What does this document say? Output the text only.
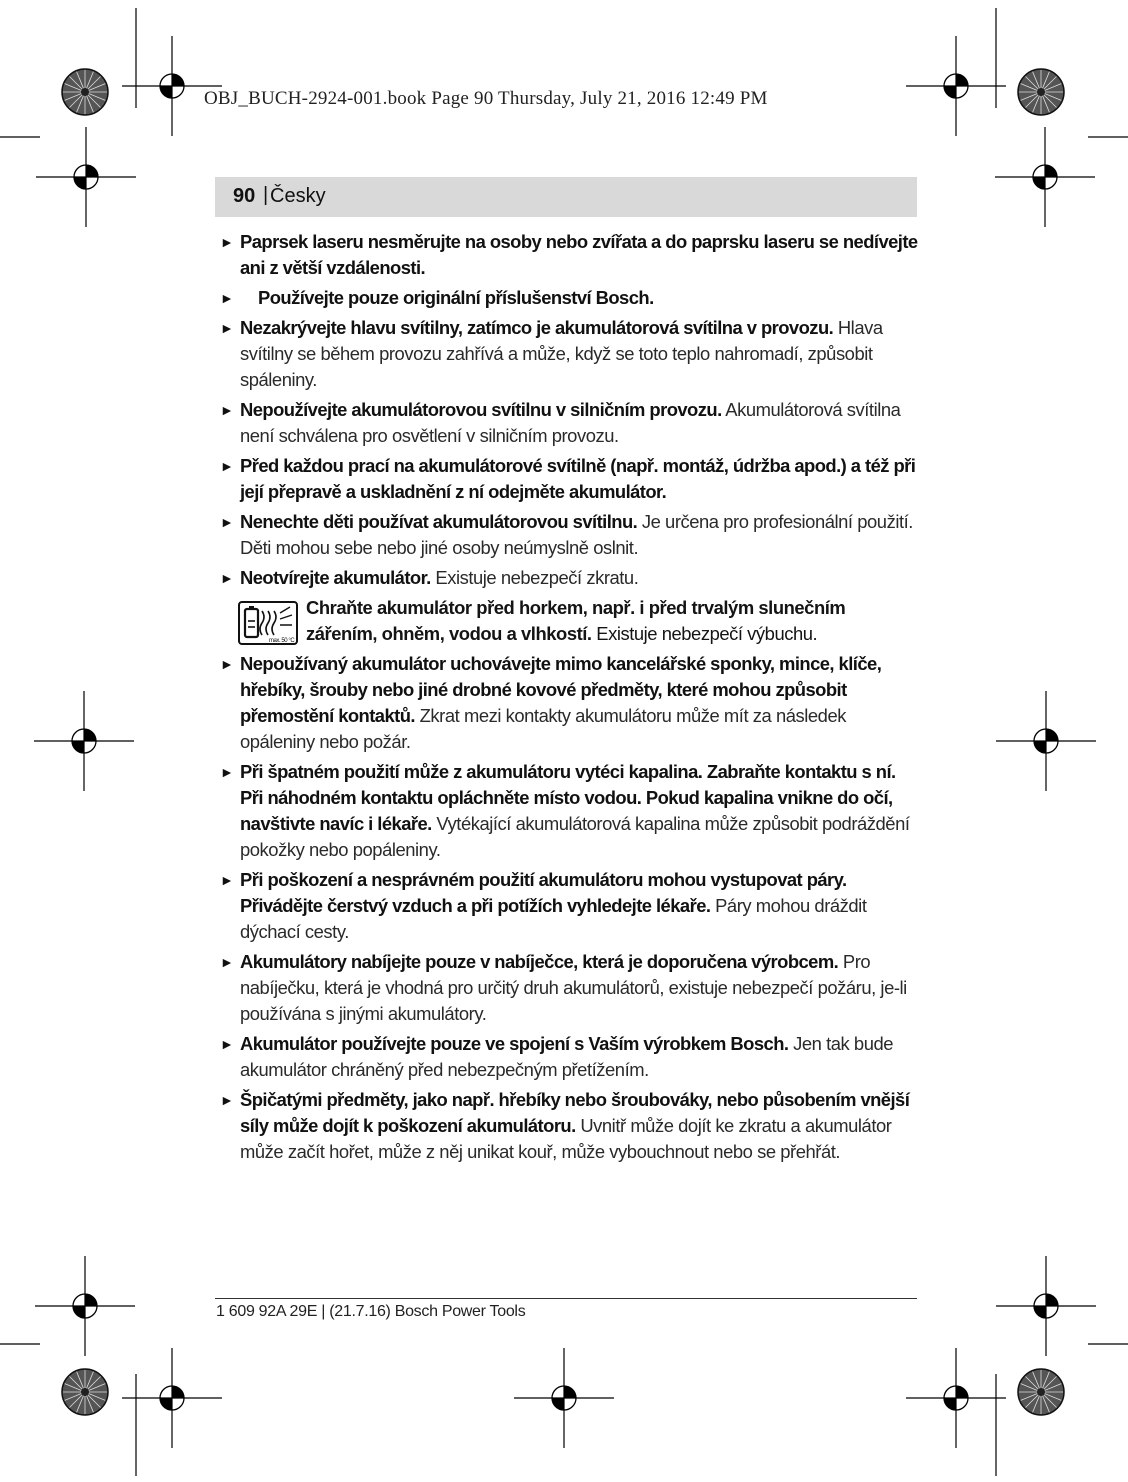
OBJ_BUCH-2924-001.book Page 90 Thursday, July 21, 2016 12:49 PM
90 | Česky
► Paprsek laseru nesměrujte na osoby nebo zvířata a do paprsku laseru se nedívejte ani z větší vzdálenosti.
► Používejte pouze originální příslušenství Bosch.
► Nezakrývejte hlavu svítilny, zatímco je akumulátorová svítilna v provozu. Hlava svítilny se během provozu zahřívá a může, když se toto teplo nahromadí, způsobit spáleniny.
► Nepoužívejte akumulátorovou svítilnu v silničním provozu. Akumulátorová svítilna není schválena pro osvětlení v silničním provozu.
► Před každou prací na akumulátorové svítilně (např. montáž, údržba apod.) a též při její přepravě a uskladnění z ní odejměte akumulátor.
► Nenechte děti používat akumulátorovou svítilnu. Je určena pro profesionální použití. Děti mohou sebe nebo jiné osoby neúmyslně oslnit.
► Neotvírejte akumulátor. Existuje nebezpečí zkratu.
max. 50 °C
Chraňte akumulátor před horkem, např. i před trvalým slunečním zářením, ohněm, vodou a vlhkostí. Existuje nebezpečí výbuchu.
► Nepoužívaný akumulátor uchovávejte mimo kancelářské sponky, mince, klíče, hřebíky, šrouby nebo jiné drobné kovové předměty, které mohou způsobit přemostění kontaktů. Zkrat mezi kontakty akumulátoru může mít za následek opáleniny nebo požár.
► Při špatném použití může z akumulátoru vytéci kapalina. Zabraňte kontaktu s ní. Při náhodném kontaktu opláchněte místo vodou. Pokud kapalina vnikne do očí, navštivte navíc i lékaře. Vytékající akumulátorová kapalina může způsobit podráždění pokožky nebo popáleniny.
► Při poškození a nesprávném použití akumulátoru mohou vystupovat páry. Přivádějte čerstvý vzduch a při potížích vyhledejte lékaře. Páry mohou dráždit dýchací cesty.
► Akumulátory nabíjejte pouze v nabíječce, která je doporučena výrobcem. Pro nabíječku, která je vhodná pro určitý druh akumulátorů, existuje nebezpečí požáru, je-li používána s jinými akumulátory.
► Akumulátor používejte pouze ve spojení s Vaším výrobkem Bosch. Jen tak bude akumulátor chráněný před nebezpečným přetížením.
► Špičatými předměty, jako např. hřebíky nebo šroubováky, nebo působením vnější síly může dojít k poškození akumulátoru. Uvnitř může dojít ke zkratu a akumulátor může začít hořet, může z něj unikat kouř, může vybouchnout nebo se přehřát.
1 609 92A 29E | (21.7.16) Bosch Power Tools
